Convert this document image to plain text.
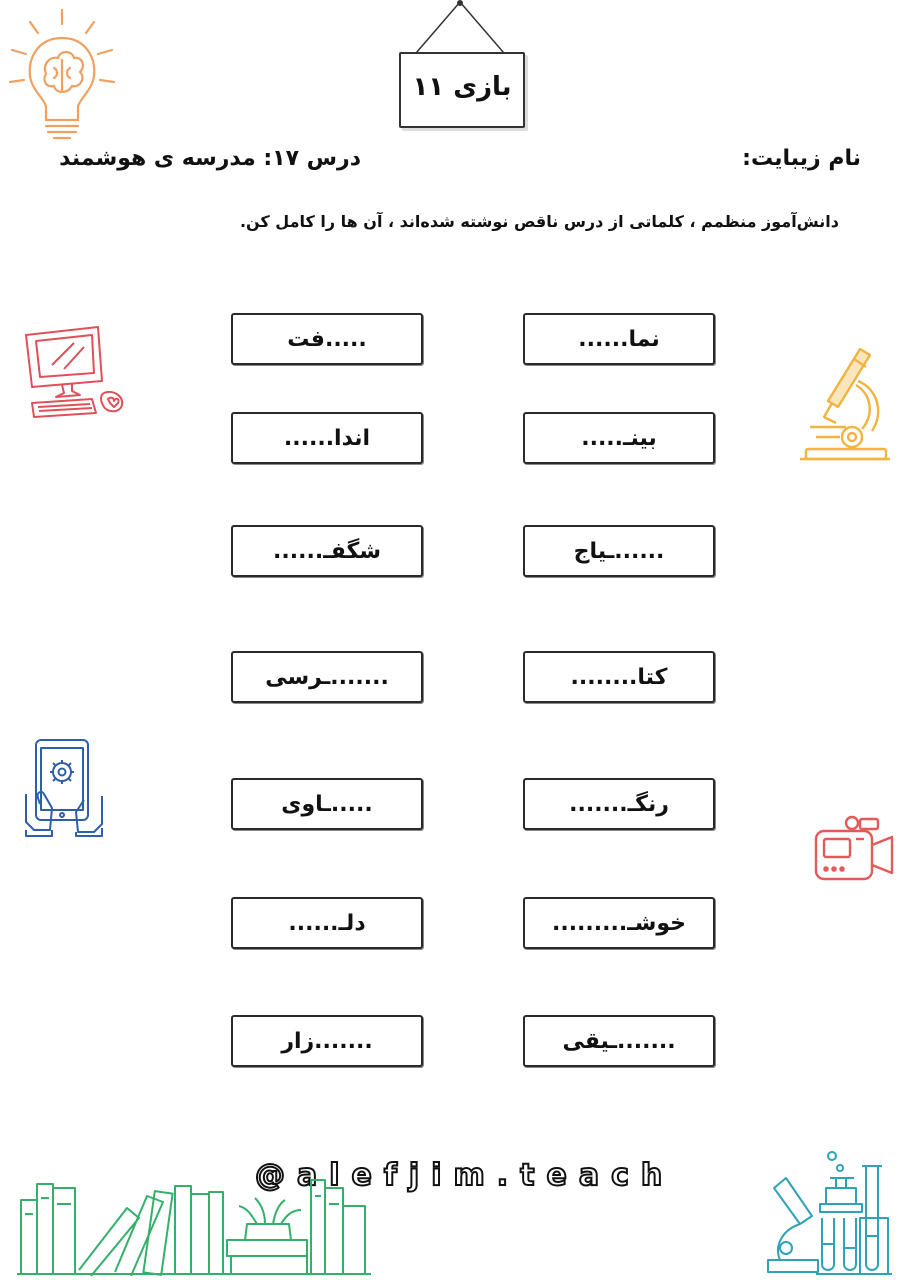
بازی ۱۱
نام زیبایت:
درس ۱۷: مدرسه ی هوشمند
دانش‌آموز منظمم ، کلماتی از درس ناقص نوشته شده‌اند ، آن ها را کامل کن.
نما......
بینـ.....
......ـیاج
کتا........
رنگـ.......
خوشـ.........
.......ـیقی
.....فت
اندا......
شگفـ......
.......ـرسی
.....ـاوی
دلـ......
.......زار
@alefjim.teach
